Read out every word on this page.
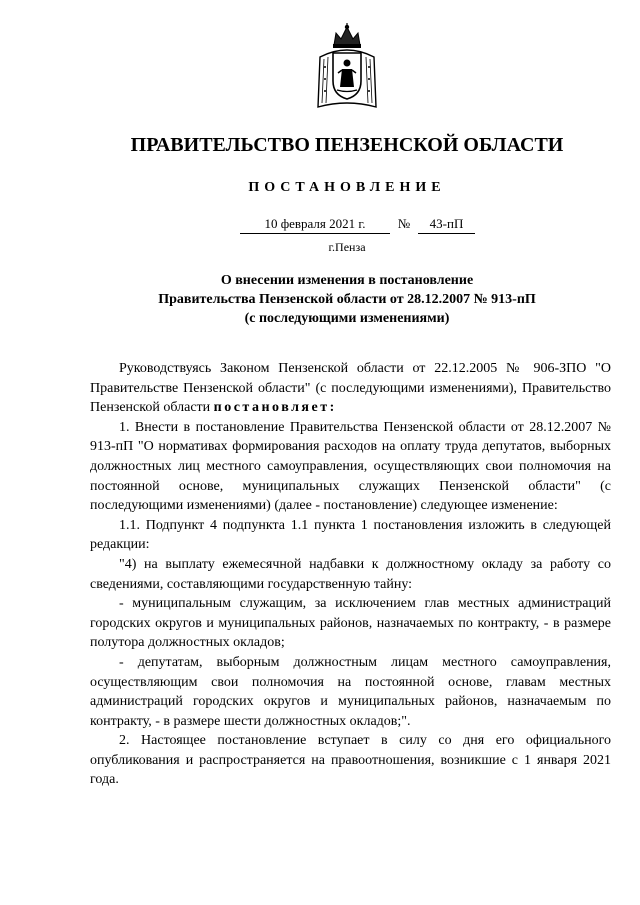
ПРАВИТЕЛЬСТВО ПЕНЗЕНСКОЙ ОБЛАСТИ
ПОСТАНОВЛЕНИЕ
10 февраля 2021 г.	№	43-пП
г.Пенза
О внесении изменения в постановление
Правительства Пензенской области от 28.12.2007 № 913-пП
(с последующими изменениями)

Руководствуясь Законом Пензенской области от 22.12.2005 № 906-ЗПО "О Правительстве Пензенской области" (с последующими изменениями), Правительство Пензенской области постановляет:

1. Внести в постановление Правительства Пензенской области от 28.12.2007 № 913-пП "О нормативах формирования расходов на оплату труда депутатов, выборных должностных лиц местного самоуправления, осуществляющих свои полномочия на постоянной основе, муниципальных служащих Пензенской области" (с последующими изменениями) (далее - постановление) следующее изменение:

1.1. Подпункт 4 подпункта 1.1 пункта 1 постановления изложить в следующей редакции:

"4) на выплату ежемесячной надбавки к должностному окладу за работу со сведениями, составляющими государственную тайну:

- муниципальным служащим, за исключением глав местных администраций городских округов и муниципальных районов, назначаемых по контракту, - в размере полутора должностных окладов;

- депутатам, выборным должностным лицам местного самоуправления, осуществляющим свои полномочия на постоянной основе, главам местных администраций городских округов и муниципальных районов, назначаемым по контракту, - в размере шести должностных окладов;".

2. Настоящее постановление вступает в силу со дня его официального опубликования и распространяется на правоотношения, возникшие с 1 января 2021 года.
